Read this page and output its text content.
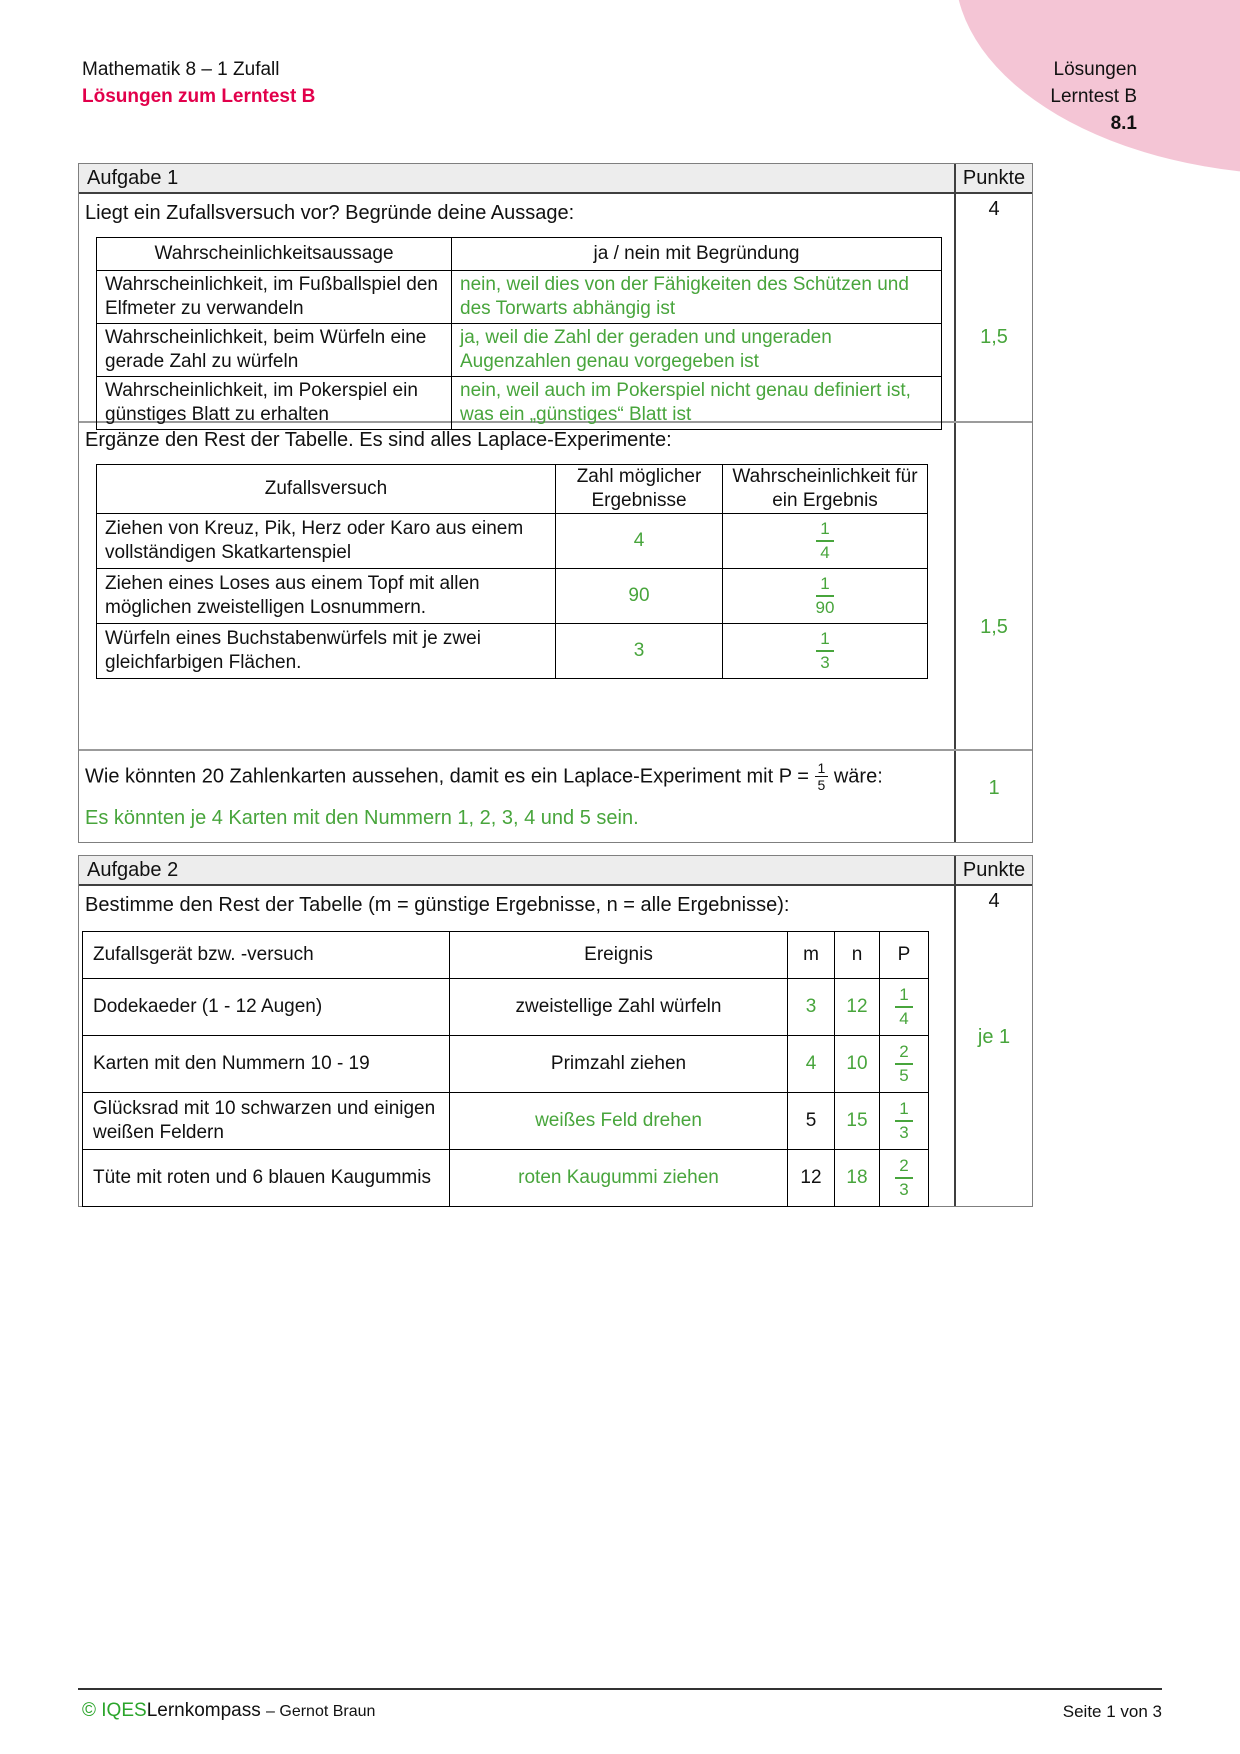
Mathematik 8 – 1 Zufall
Lösungen zum Lerntest B
Lösungen
Lerntest B
8.1
Aufgabe 1	Punkte
Liegt ein Zufallsversuch vor? Begründe deine Aussage:
Wahrscheinlichkeitsaussage	ja / nein mit Begründung
Wahrscheinlichkeit, im Fußballspiel den Elfmeter zu verwandeln	nein, weil dies von der Fähigkeiten des Schützen und des Torwarts abhängig ist
Wahrscheinlichkeit, beim Würfeln eine gerade Zahl zu würfeln	ja, weil die Zahl der geraden und ungeraden Augenzahlen genau vorgegeben ist
Wahrscheinlichkeit, im Pokerspiel ein günstiges Blatt zu erhalten	nein, weil auch im Pokerspiel nicht genau definiert ist, was ein „günstiges“ Blatt ist
4
1,5
Ergänze den Rest der Tabelle. Es sind alles Laplace-Experimente:
Zufallsversuch	Zahl möglicher Ergebnisse	Wahrscheinlichkeit für ein Ergebnis
Ziehen von Kreuz, Pik, Herz oder Karo aus einem vollständigen Skatkartenspiel	4	$\frac{1}{4}$

Ziehen eines Loses aus einem Topf mit allen möglichen zweistelligen Losnummern.	90	$\frac{1}{90}$

Würfeln eines Buchstabenwürfels mit je zwei gleichfarbigen Flächen.	3	$\frac{1}{3}$
1,5
Wie könnten 20 Zahlenkarten aussehen, damit es ein Laplace-Experiment mit $P = \frac{1}{5}$ wäre:
Es könnten je 4 Karten mit den Nummern 1, 2, 3, 4 und 5 sein.
1
Aufgabe 2	Punkte
Bestimme den Rest der Tabelle (m = günstige Ergebnisse, n = alle Ergebnisse):
Zufallsgerät bzw. -versuch	Ereignis	m	n	P
Dodekaeder (1 - 12 Augen)	zweistellige Zahl würfeln	3	12	$\frac{1}{4}$

Karten mit den Nummern 10 - 19	Primzahl ziehen	4	10	$\frac{2}{5}$

Glücksrad mit 10 schwarzen und einigen weißen Feldern	weißes Feld drehen	5	15	$\frac{1}{3}$

Tüte mit roten und 6 blauen Kaugummis	roten Kaugummi ziehen	12	18	$\frac{2}{3}$
4
je 1
© IQESLernkompass – Gernot Braun	Seite 1 von 3
